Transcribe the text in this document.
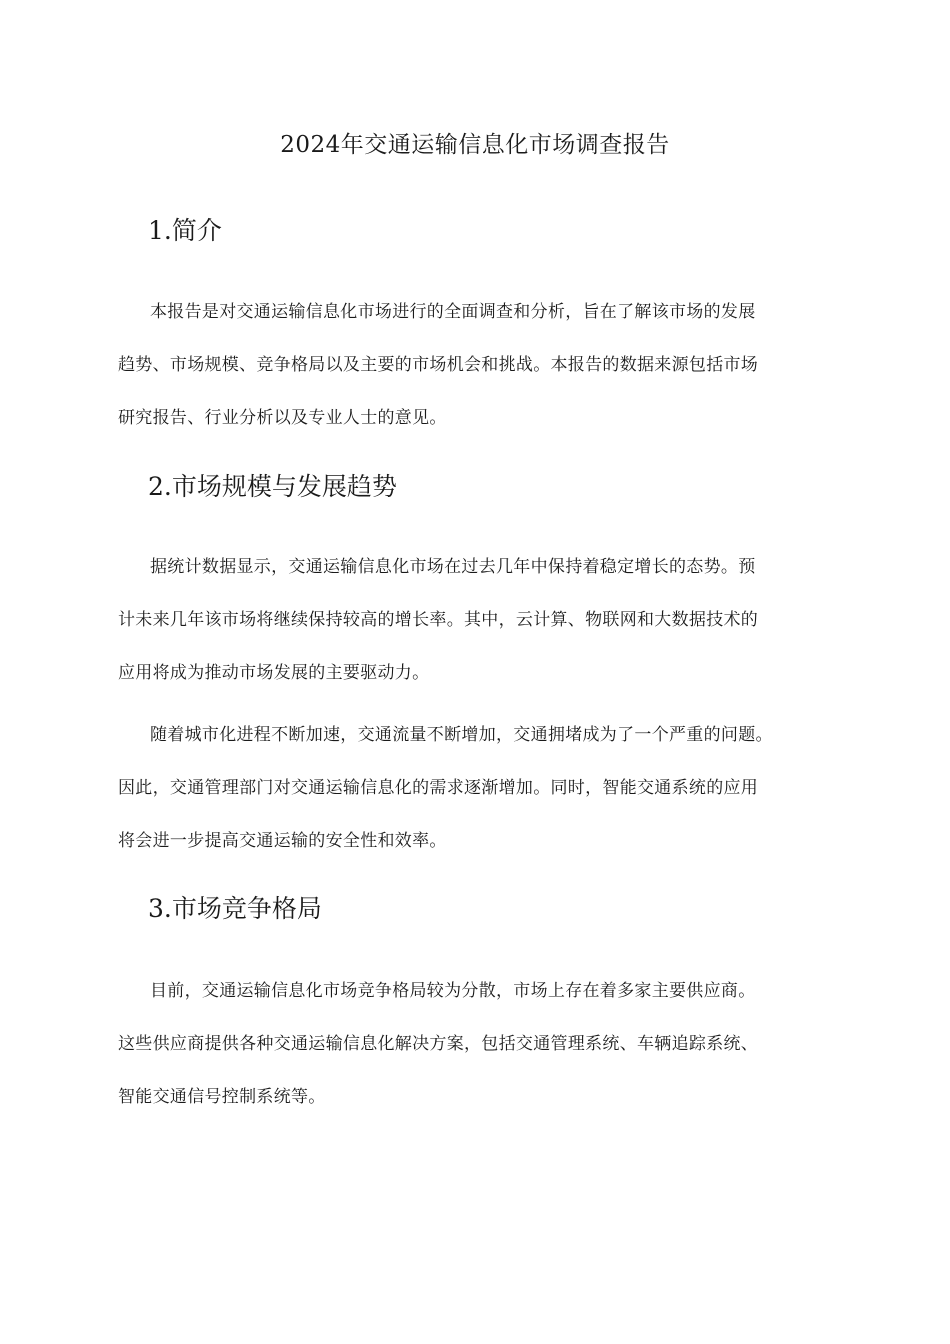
2024年交通运输信息化市场调查报告
1.简介
本报告是对交通运输信息化市场进行的全面调查和分析，旨在了解该市场的发展
趋势、市场规模、竞争格局以及主要的市场机会和挑战。本报告的数据来源包括市场
研究报告、行业分析以及专业人士的意见。
2.市场规模与发展趋势
据统计数据显示，交通运输信息化市场在过去几年中保持着稳定增长的态势。预
计未来几年该市场将继续保持较高的增长率。其中，云计算、物联网和大数据技术的
应用将成为推动市场发展的主要驱动力。
随着城市化进程不断加速，交通流量不断增加，交通拥堵成为了一个严重的问题。
因此，交通管理部门对交通运输信息化的需求逐渐增加。同时，智能交通系统的应用
将会进一步提高交通运输的安全性和效率。
3.市场竞争格局
目前，交通运输信息化市场竞争格局较为分散，市场上存在着多家主要供应商。
这些供应商提供各种交通运输信息化解决方案，包括交通管理系统、车辆追踪系统、
智能交通信号控制系统等。
